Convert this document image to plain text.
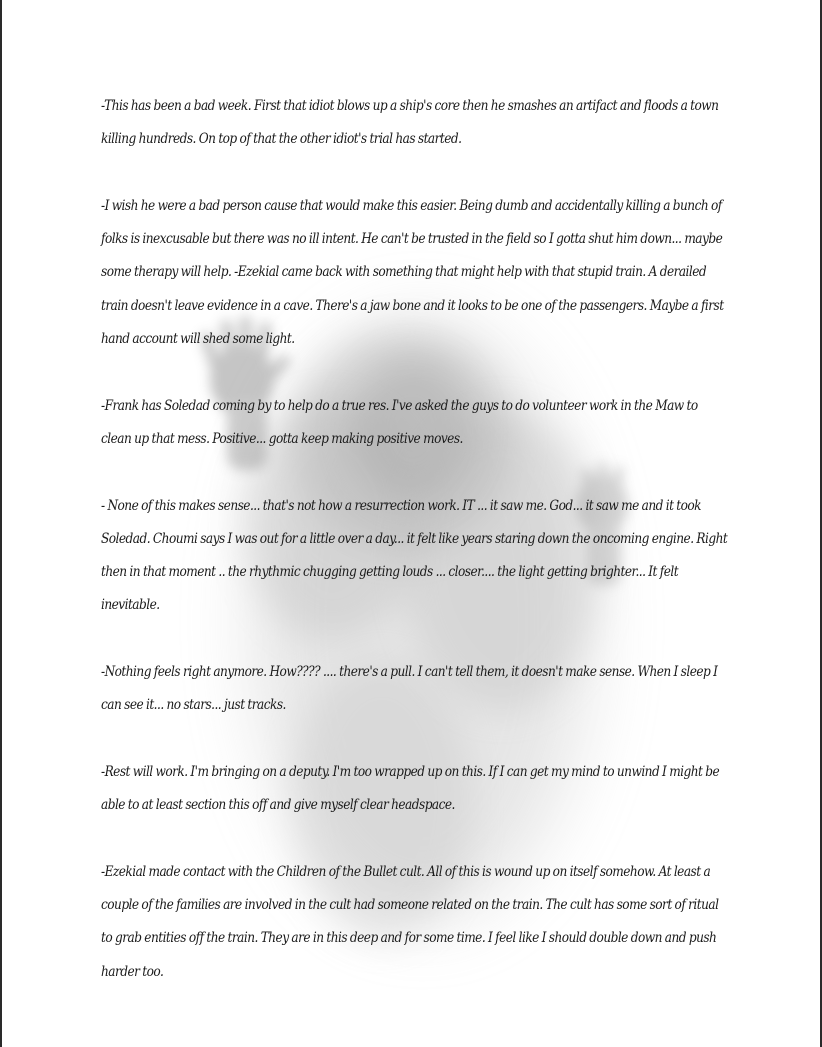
-This has been a bad week. First that idiot blows up a ship's core then he smashes an artifact and floods a town killing hundreds. On top of that the other idiot's trial has started.

-I wish he were a bad person cause that would make this easier. Being dumb and accidentally killing a bunch of folks is inexcusable but there was no ill intent. He can't be trusted in the field so I gotta shut him down... maybe some therapy will help. -Ezekial came back with something that might help with that stupid train. A derailed train doesn't leave evidence in a cave. There's a jaw bone and it looks to be one of the passengers. Maybe a first hand account will shed some light.

-Frank has Soledad coming by to help do a true res. I've asked the guys to do volunteer work in the Maw to clean up that mess. Positive... gotta keep making positive moves.

- None of this makes sense... that's not how a resurrection work. IT ... it saw me. God... it saw me and it took Soledad. Choumi says I was out for a little over a day... it felt like years staring down the oncoming engine. Right then in that moment .. the rhythmic chugging getting louds ... closer.... the light getting brighter... It felt inevitable.

-Nothing feels right anymore. How???? .... there's a pull. I can't tell them, it doesn't make sense. When I sleep I can see it... no stars... just tracks.

-Rest will work. I'm bringing on a deputy. I'm too wrapped up on this. If I can get my mind to unwind I might be able to at least section this off and give myself clear headspace.

-Ezekial made contact with the Children of the Bullet cult. All of this is wound up on itself somehow. At least a couple of the families are involved in the cult had someone related on the train. The cult has some sort of ritual to grab entities off the train. They are in this deep and for some time. I feel like I should double down and push harder too.
